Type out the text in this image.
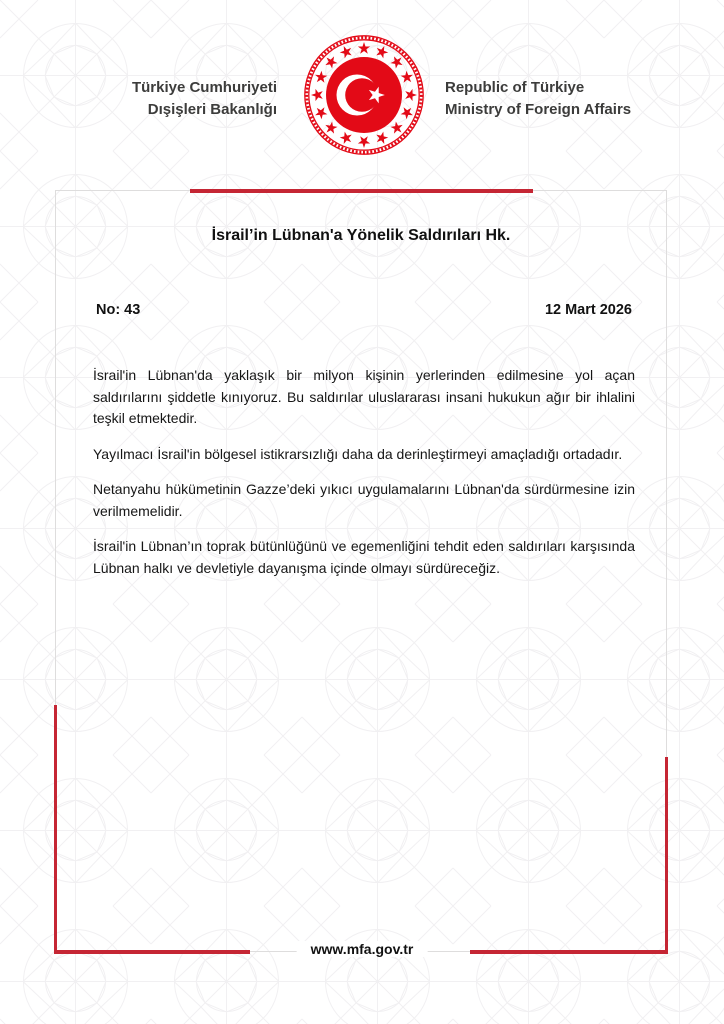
Türkiye Cumhuriyeti
Dışişleri Bakanlığı
Republic of Türkiye
Ministry of Foreign Affairs
İsrail’in Lübnan'a Yönelik Saldırıları Hk.
No: 43	12 Mart 2026

İsrail'in Lübnan'da yaklaşık bir milyon kişinin yerlerinden edilmesine yol açan saldırılarını şiddetle kınıyoruz. Bu saldırılar uluslararası insani hukukun ağır bir ihlalini teşkil etmektedir.

Yayılmacı İsrail'in bölgesel istikrarsızlığı daha da derinleştirmeyi amaçladığı ortadadır.

Netanyahu hükümetinin Gazze’deki yıkıcı uygulamalarını Lübnan'da sürdürmesine izin verilmemelidir.

İsrail'in Lübnan’ın toprak bütünlüğünü ve egemenliğini tehdit eden saldırıları karşısında Lübnan halkı ve devletiyle dayanışma içinde olmayı sürdüreceğiz.

www.mfa.gov.tr
